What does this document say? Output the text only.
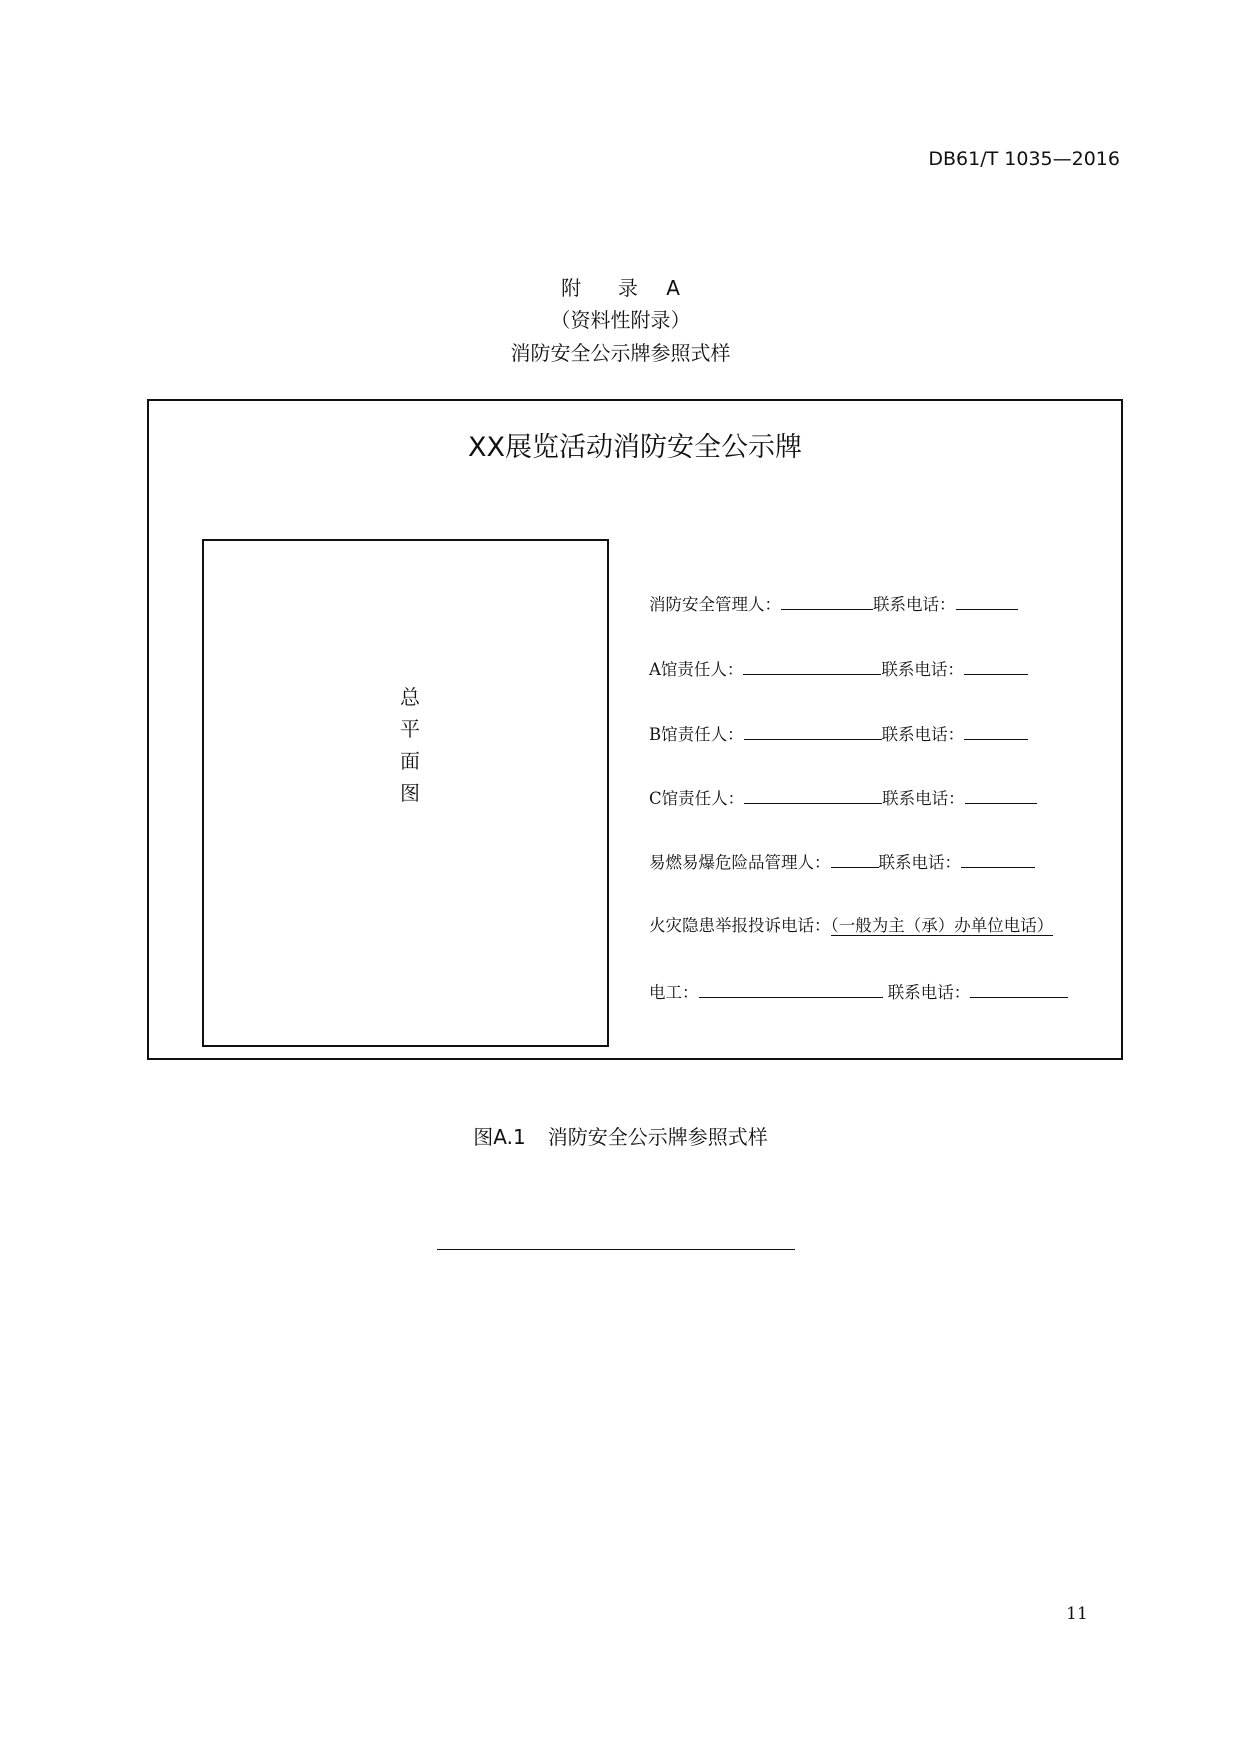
DB61/T 1035—2016
附  录 A
（资料性附录）
消防安全公示牌参照式样
XX展览活动消防安全公示牌
总
平
面
图
消防安全管理人：	联系电话：
A馆责任人：	联系电话：
B馆责任人：	联系电话：
C馆责任人：	联系电话：
易燃易爆危险品管理人：	联系电话：
火灾隐患举报投诉电话：（一般为主（承）办单位电话）
电工：	联系电话：
图A.1 消防安全公示牌参照式样
11
